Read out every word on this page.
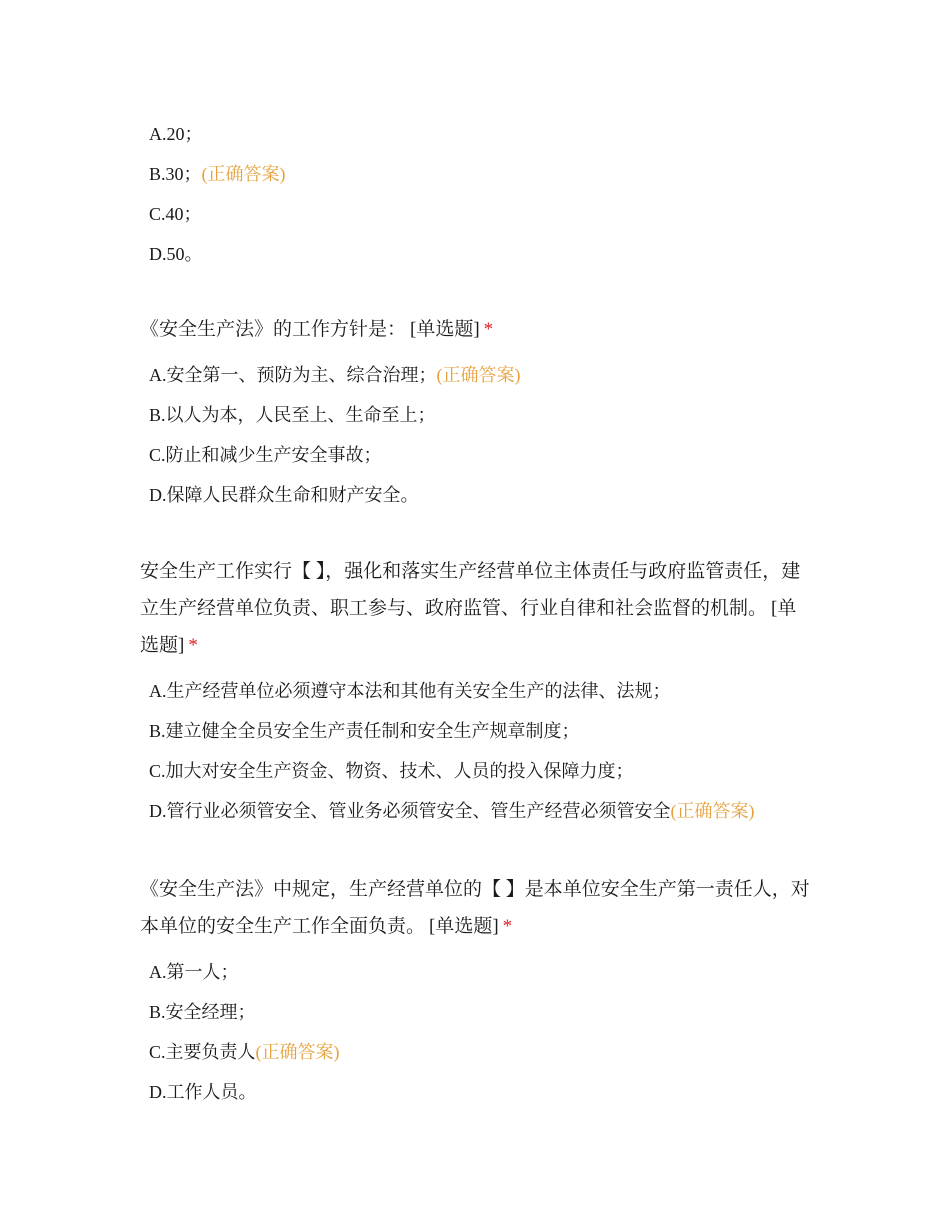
A.20；
B.30；(正确答案)
C.40；
D.50。

《安全生产法》的工作方针是： [单选题] *

A.安全第一、预防为主、综合治理；(正确答案)
B.以人为本，人民至上、生命至上；
C.防止和减少生产安全事故；
D.保障人民群众生命和财产安全。

安全生产工作实行【 】，强化和落实生产经营单位主体责任与政府监管责任，建立生产经营单位负责、职工参与、政府监管、行业自律和社会监督的机制。 [单选题] *

A.生产经营单位必须遵守本法和其他有关安全生产的法律、法规；
B.建立健全全员安全生产责任制和安全生产规章制度；
C.加大对安全生产资金、物资、技术、人员的投入保障力度；
D.管行业必须管安全、管业务必须管安全、管生产经营必须管安全(正确答案)

《安全生产法》中规定，生产经营单位的【 】是本单位安全生产第一责任人，对本单位的安全生产工作全面负责。 [单选题] *

A.第一人；
B.安全经理；
C.主要负责人(正确答案)
D.工作人员。
